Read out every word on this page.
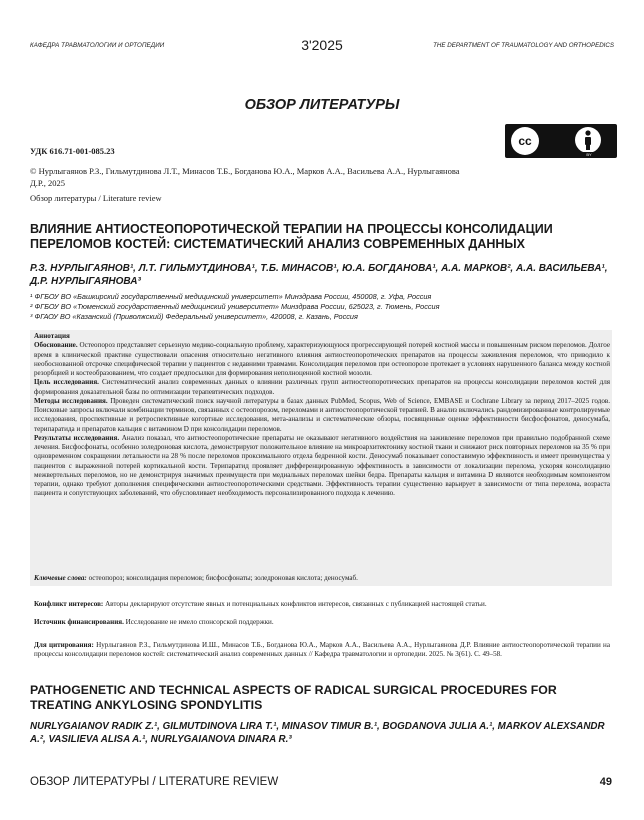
КАФЕДРА ТРАВМАТОЛОГИИ И ОРТОПЕДИИ	3'2025	THE DEPARTMENT OF TRAUMATOLOGY AND ORTHOPEDICS
ОБЗОР ЛИТЕРАТУРЫ
cc
BY
УДК 616.71-001-085.23
© Нурлыгаянов Р.З., Гильмутдинова Л.Т., Минасов Т.Б., Богданова Ю.А., Марков А.А., Васильева А.А., Нурлыгаянова Д.Р., 2025
Обзор литературы / Literature review
ВЛИЯНИЕ АНТИОСТЕОПОРОТИЧЕСКОЙ ТЕРАПИИ НА ПРОЦЕССЫ КОНСОЛИДАЦИИ ПЕРЕЛОМОВ КОСТЕЙ: СИСТЕМАТИЧЕСКИЙ АНАЛИЗ СОВРЕМЕННЫХ ДАННЫХ
Р.З. НУРЛЫГАЯНОВ¹, Л.Т. ГИЛЬМУТДИНОВА¹, Т.Б. МИНАСОВ¹, Ю.А. БОГДАНОВА¹, А.А. МАРКОВ², А.А. ВАСИЛЬЕВА¹, Д.Р. НУРЛЫГАЯНОВА³
¹ ФГБОУ ВО «Башкирский государственный медицинский университет» Минздрава России, 450008, г. Уфа, Россия
² ФГБОУ ВО «Тюменский государственный медицинский университет» Минздрава России, 625023, г. Тюмень, Россия
³ ФГАОУ ВО «Казанский (Приволжский) Федеральный университет», 420008, г. Казань, Россия

Аннотация

Обоснование. Остеопороз представляет серьезную медико-социальную проблему, характеризующуюся прогрессирующей потерей костной массы и повышенным риском переломов. Долгое время в клинической практике существовали опасения относительно негативного влияния антиостеопоротических препаратов на процессы заживления переломов, что приводило к необоснованной отсрочке специфической терапии у пациентов с недавними травмами. Консолидация переломов при остеопорозе протекает в условиях нарушенного баланса между костной резорбцией и костеобразованием, что создает предпосылки для формирования неполноценной костной мозоли.

Цель исследования. Систематический анализ современных данных о влиянии различных групп антиостеопоротических препаратов на процессы консолидации переломов костей для формирования доказательной базы по оптимизации терапевтических подходов.

Методы исследования. Проведен систематический поиск научной литературы в базах данных PubMed, Scopus, Web of Science, EMBASE и Cochrane Library за период 2017–2025 годов. Поисковые запросы включали комбинации терминов, связанных с остеопорозом, переломами и антиостеопоротической терапией. В анализ включались рандомизированные контролируемые исследования, проспективные и ретроспективные когортные исследования, мета-анализы и систематические обзоры, посвященные оценке эффективности бисфосфонатов, деносумаба, терипаратида и препаратов кальция с витамином D при консолидации переломов.

Результаты исследования. Анализ показал, что антиостеопоротические препараты не оказывают негативного воздействия на заживление переломов при правильно подобранной схеме лечения. Бисфосфонаты, особенно золедроновая кислота, демонстрируют положительное влияние на микроархитектонику костной ткани и снижают риск повторных переломов на 35 % при одновременном сокращении летальности на 28 % после переломов проксимального отдела бедренной кости. Деносумаб показывает сопоставимую эффективность и имеет преимущества у пациентов с выраженной потерей кортикальной кости. Терипаратид проявляет дифференцированную эффективность в зависимости от локализации перелома, ускоряя консолидацию межвертельных переломов, но не демонстрируя значимых преимуществ при медиальных переломах шейки бедра. Препараты кальция и витамина D являются необходимым компонентом терапии, однако требуют дополнения специфическими антиостеопоротическими средствами. Эффективность терапии существенно варьирует в зависимости от типа перелома, возраста пациента и сопутствующих заболеваний, что обусловливает необходимость персонализированного подхода к лечению.

Ключевые слова: остеопороз; консолидация переломов; бисфосфонаты; золедроновая кислота; деносумаб.
Конфликт интересов: Авторы декларируют отсутствие явных и потенциальных конфликтов интересов, связанных с публикацией настоящей статьи.
Источник финансирования. Исследование не имело спонсорской поддержки.
Для цитирования: Нурлыгаянов Р.З., Гильмутдинова И.Ш., Минасов Т.Б., Богданова Ю.А., Марков А.А., Васильева А.А., Нурлыгаянова Д.Р. Влияние антиостеопоротической терапии на процессы консолидации переломов костей: систематический анализ современных данных // Кафедра травматологии и ортопедии. 2025. № 3(61). С. 49–58.
PATHOGENETIC AND TECHNICAL ASPECTS OF RADICAL SURGICAL PROCEDURES FOR TREATING ANKYLOSING SPONDYLITIS
NURLYGAIANOV RADIK Z.¹, GILMUTDINOVA LIRA T.¹, MINASOV TIMUR B.¹, BOGDANOVA JULIA A.¹, MARKOV ALEXSANDR A.², VASILIEVA ALISA A.¹, NURLYGAIANOVA DINARA R.³
ОБЗОР ЛИТЕРАТУРЫ / LITERATURE REVIEW	49
